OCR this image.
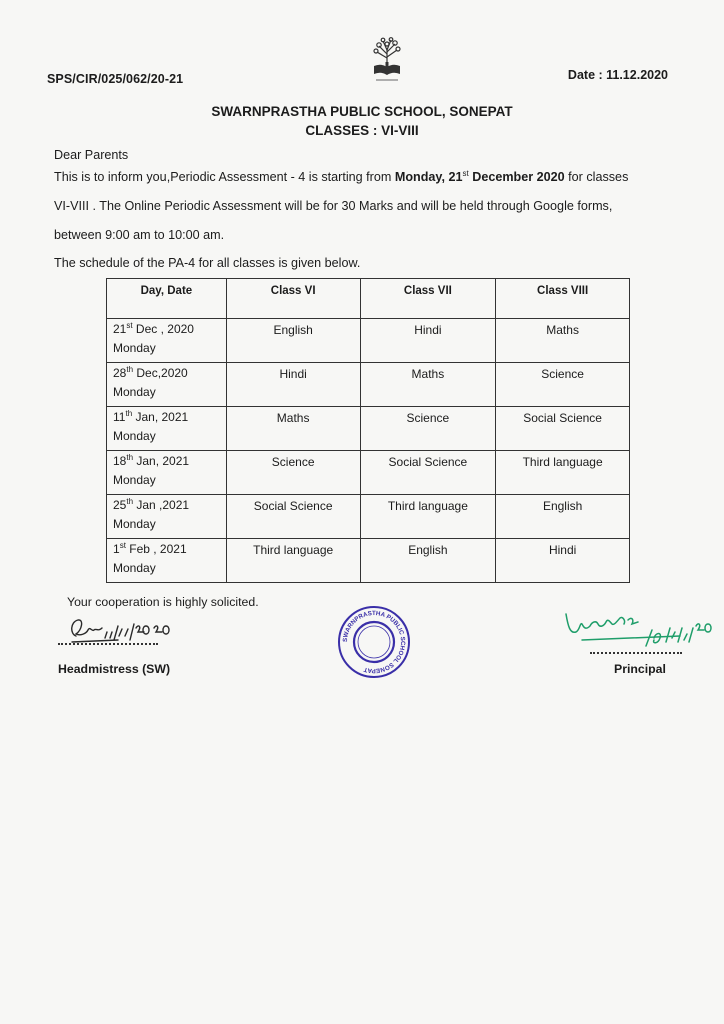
SPS/CIR/025/062/20-21	Date : 11.12.2020
SWARNPRASTHA PUBLIC SCHOOL, SONEPAT
CLASSES : VI-VIII
Dear Parents

This is to inform you,Periodic Assessment - 4 is starting from Monday, 21st December 2020 for classes

VI-VIII . The Online Periodic Assessment will be for 30 Marks and will be held through Google forms,

between 9:00 am to 10:00 am.

The schedule of the PA-4 for all classes is given below.
Day, Date	Class VI	Class VII	Class VIII
21st Dec , 2020
Monday	English	Hindi	Maths
28th Dec,2020
Monday	Hindi	Maths	Science
11th Jan, 2021
Monday	Maths	Science	Social Science
18th Jan, 2021
Monday	Science	Social Science	Third language
25th Jan ,2021
Monday	Social Science	Third language	English
1st Feb , 2021
Monday	Third language	English	Hindi
Your cooperation is highly solicited.
Headmistress (SW)
SWARNPRASTHA PUBLIC SCHOOL SONEPAT	Principal
